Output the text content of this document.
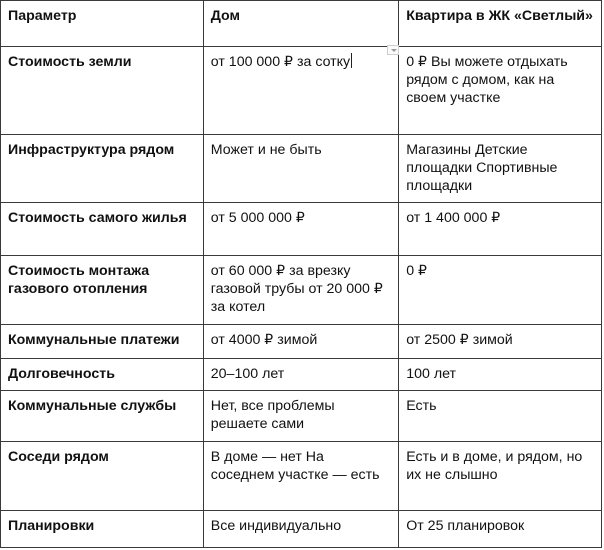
Параметр	Дом	Квартира в ЖК «Светлый»
Стоимость земли	от 100 000 ₽ за сотку	0 ₽ Вы можете отдыхать рядом с домом, как на своем участке
Инфраструктура рядом	Может и не быть	Магазины Детские площадки Спортивные площадки
Стоимость самого жилья	от 5 000 000 ₽	от 1 400 000 ₽
Стоимость монтажа газового отопления	от 60 000 ₽ за врезку газовой трубы от 20 000 ₽ за котел	0 ₽
Коммунальные платежи	от 4000 ₽ зимой	от 2500 ₽ зимой
Долговечность	20–100 лет	100 лет
Коммунальные службы	Нет, все проблемы решаете сами	Есть
Соседи рядом	В доме — нет На соседнем участке — есть	Есть и в доме, и рядом, но их не слышно
Планировки	Все индивидуально	От 25 планировок
